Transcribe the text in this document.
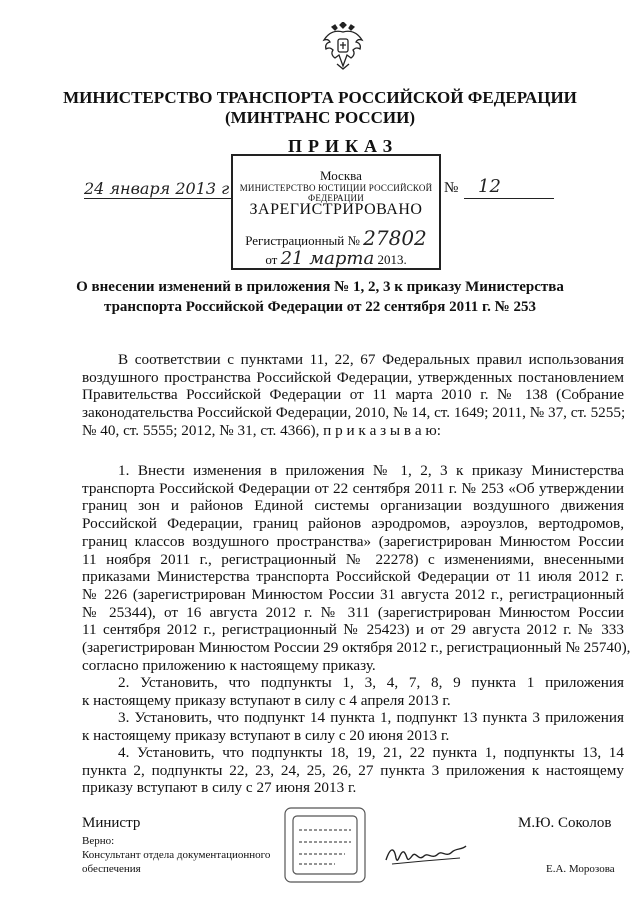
МИНИСТЕРСТВО ТРАНСПОРТА РОССИЙСКОЙ ФЕДЕРАЦИИ
(МИНТРАНС РОССИИ)
МИНИСТЕРСТВО ЮСТИЦИИ РОССИЙСКОЙ ФЕДЕРАЦИИ
ЗАРЕГИСТРИРОВАНО
Регистрационный № 27802
от 21 марта 2013.
ПРИКАЗ
Москва
24 января 2013 г	№ 12
О внесении изменений в приложения № 1, 2, 3 к приказу Министерства
транспорта Российской Федерации от 22 сентября 2011 г. № 253
В соответствии с пунктами 11, 22, 67 Федеральных правил использования
воздушного пространства Российской Федерации, утвержденных постановлением
Правительства Российской Федерации от 11 марта 2010 г. № 138 (Собрание
законодательства Российской Федерации, 2010, № 14, ст. 1649; 2011, № 37, ст. 5255;
№ 40, ст. 5555; 2012, № 31, ст. 4366), п р и к а з ы в а ю:
1. Внести изменения в приложения № 1, 2, 3 к приказу Министерства
транспорта Российской Федерации от 22 сентября 2011 г. № 253 «Об утверждении
границ зон и районов Единой системы организации воздушного движения
Российской Федерации, границ районов аэродромов, аэроузлов, вертодромов,
границ классов воздушного пространства» (зарегистрирован Минюстом России
11 ноября 2011 г., регистрационный № 22278) с изменениями, внесенными
приказами Министерства транспорта Российской Федерации от 11 июля 2012 г.
№ 226 (зарегистрирован Минюстом России 31 августа 2012 г., регистрационный
№ 25344), от 16 августа 2012 г. № 311 (зарегистрирован Минюстом России
11 сентября 2012 г., регистрационный № 25423) и от 29 августа 2012 г. № 333
(зарегистрирован Минюстом России 29 октября 2012 г., регистрационный № 25740),
согласно приложению к настоящему приказу.
2. Установить, что подпункты 1, 3, 4, 7, 8, 9 пункта 1 приложения
к настоящему приказу вступают в силу с 4 апреля 2013 г.
3. Установить, что подпункт 14 пункта 1, подпункт 13 пункта 3 приложения
к настоящему приказу вступают в силу с 20 июня 2013 г.
4. Установить, что подпункты 18, 19, 21, 22 пункта 1, подпункты 13, 14
пункта 2, подпункты 22, 23, 24, 25, 26, 27 пункта 3 приложения к настоящему
приказу вступают в силу с 27 июня 2013 г.
Министр	М.Ю. Соколов
Верно:
Консультант отдела документационного
обеспечения	Е.А. Морозова
